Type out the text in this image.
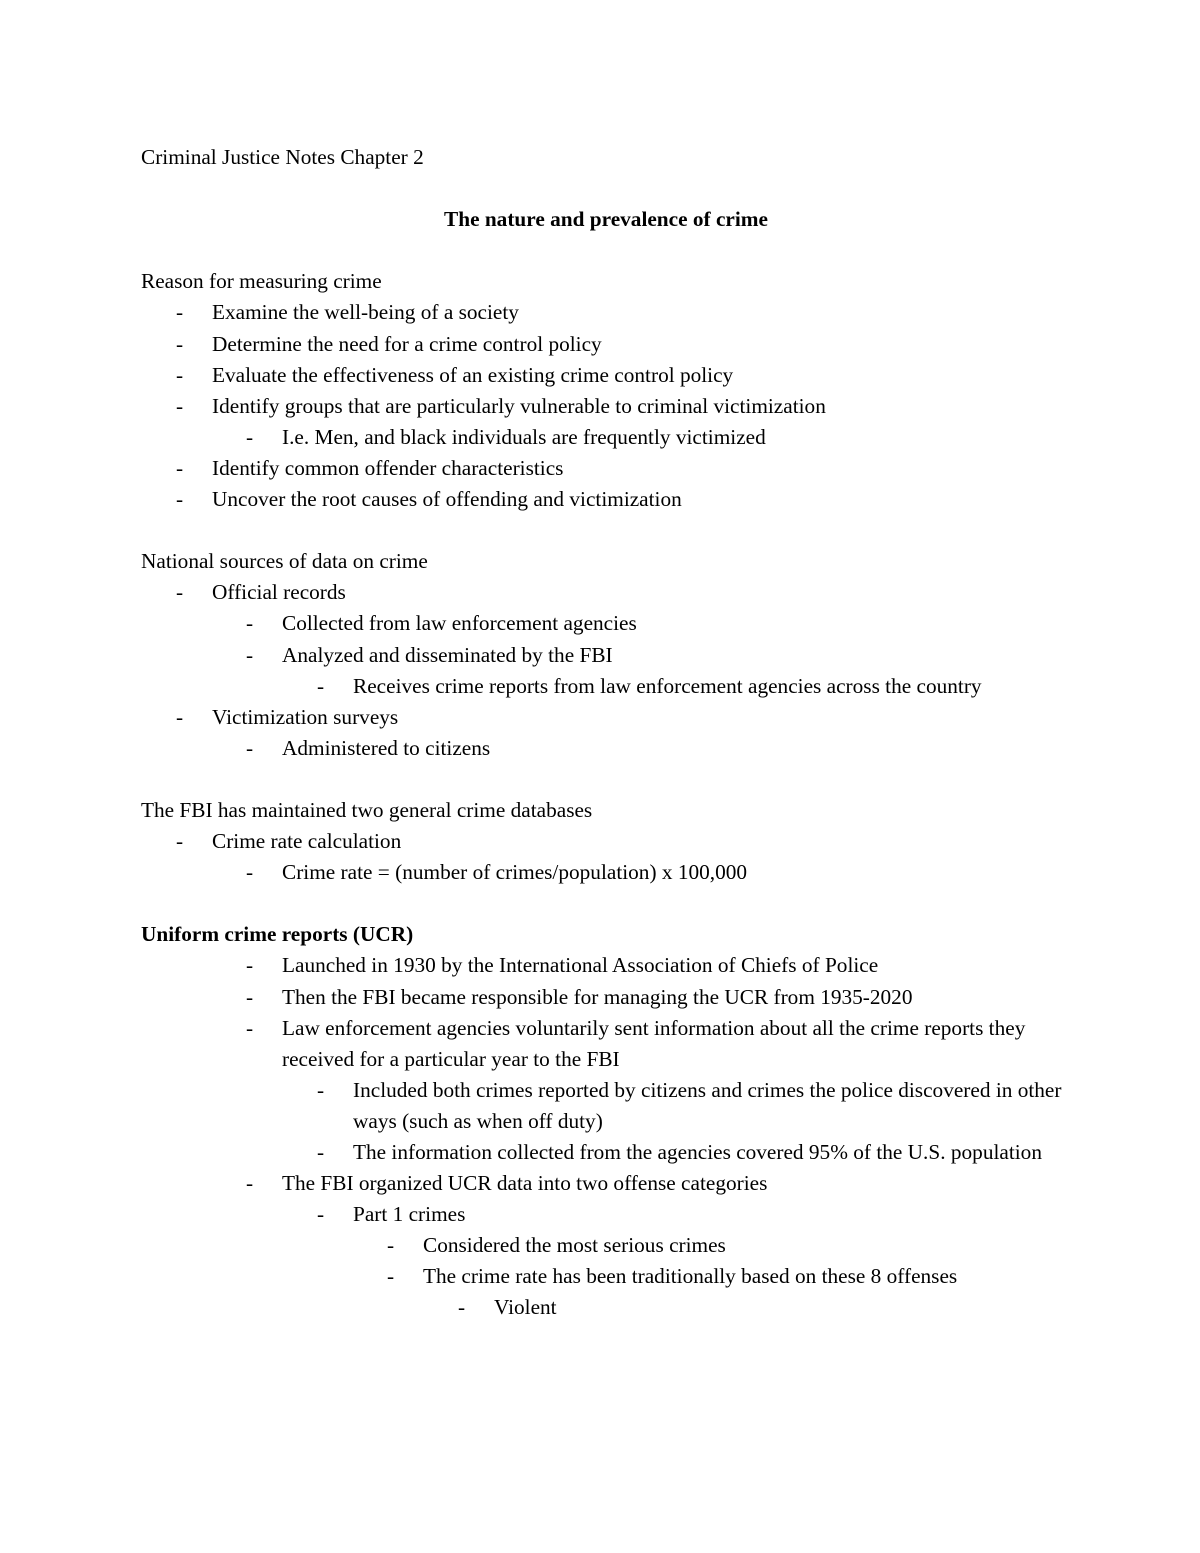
Criminal Justice Notes Chapter 2

The nature and prevalence of crime

Reason for measuring crime

-	Examine the well-being of a society
-	Determine the need for a crime control policy
-	Evaluate the effectiveness of an existing crime control policy
-	Identify groups that are particularly vulnerable to criminal victimization
-	I.e. Men, and black individuals are frequently victimized
-	Identify common offender characteristics
-	Uncover the root causes of offending and victimization

National sources of data on crime

-	Official records
-	Collected from law enforcement agencies
-	Analyzed and disseminated by the FBI
-	Receives crime reports from law enforcement agencies across the country
-	Victimization surveys
-	Administered to citizens

The FBI has maintained two general crime databases

-	Crime rate calculation
-	Crime rate = (number of crimes/population) x 100,000

Uniform crime reports (UCR)

-	Launched in 1930 by the International Association of Chiefs of Police
-	Then the FBI became responsible for managing the UCR from 1935-2020
-	Law enforcement agencies voluntarily sent information about all the crime reports they received for a particular year to the FBI
-	Included both crimes reported by citizens and crimes the police discovered in other ways (such as when off duty)
-	The information collected from the agencies covered 95% of the U.S. population
-	The FBI organized UCR data into two offense categories
-	Part 1 crimes
-	Considered the most serious crimes
-	The crime rate has been traditionally based on these 8 offenses
-	Violent
